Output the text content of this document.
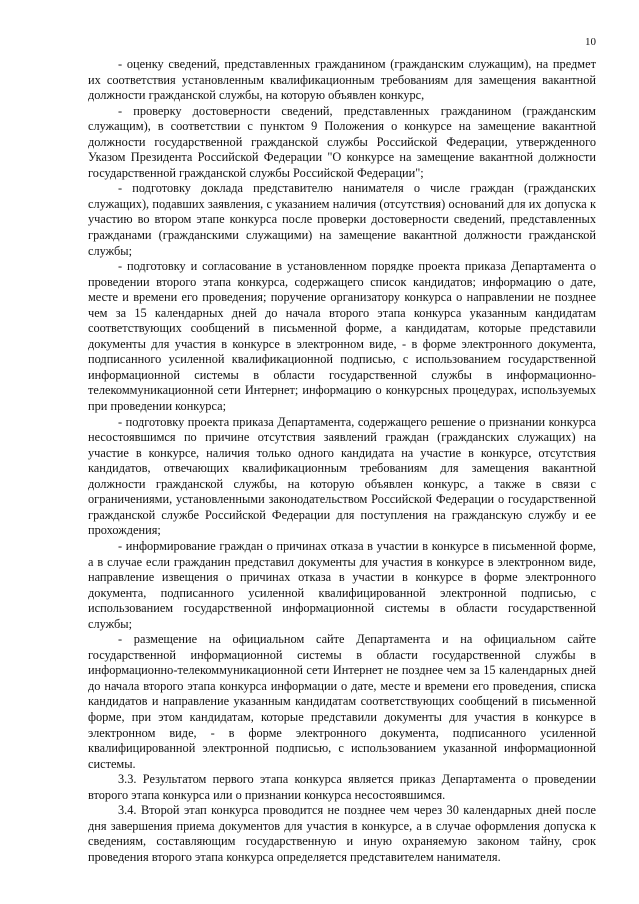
10

- оценку сведений, представленных гражданином (гражданским служащим), на предмет их соответствия установленным квалификационным требованиям для замещения вакантной должности гражданской службы, на которую объявлен конкурс,

- проверку достоверности сведений, представленных гражданином (гражданским служащим), в соответствии с пунктом 9 Положения о конкурсе на замещение вакантной должности государственной гражданской службы Российской Федерации, утвержденного Указом Президента Российской Федерации "О конкурсе на замещение вакантной должности государственной гражданской службы Российской Федерации";

- подготовку доклада представителю нанимателя о числе граждан (гражданских служащих), подавших заявления, с указанием наличия (отсутствия) оснований для их допуска к участию во втором этапе конкурса после проверки достоверности сведений, представленных гражданами (гражданскими служащими) на замещение вакантной должности гражданской службы;

- подготовку и согласование в установленном порядке проекта приказа Департамента о проведении второго этапа конкурса, содержащего список кандидатов; информацию о дате, месте и времени его проведения; поручение организатору конкурса о направлении не позднее чем за 15 календарных дней до начала второго этапа конкурса указанным кандидатам соответствующих сообщений в письменной форме, а кандидатам, которые представили документы для участия в конкурсе в электронном виде, - в форме электронного документа, подписанного усиленной квалификационной подписью, с использованием государственной информационной системы в области государственной службы в информационно-телекоммуникационной сети Интернет; информацию о конкурсных процедурах, используемых при проведении конкурса;

- подготовку проекта приказа Департамента, содержащего решение о признании конкурса несостоявшимся по причине отсутствия заявлений граждан (гражданских служащих) на участие в конкурсе, наличия только одного кандидата на участие в конкурсе, отсутствия кандидатов, отвечающих квалификационным требованиям для замещения вакантной должности гражданской службы, на которую объявлен конкурс, а также в связи с ограничениями, установленными законодательством Российской Федерации о государственной гражданской службе Российской Федерации для поступления на гражданскую службу и ее прохождения;

- информирование граждан о причинах отказа в участии в конкурсе в письменной форме, а в случае если гражданин представил документы для участия в конкурсе в электронном виде, направление извещения о причинах отказа в участии в конкурсе в форме электронного документа, подписанного усиленной квалифицированной электронной подписью, с использованием государственной информационной системы в области государственной службы;

- размещение на официальном сайте Департамента и на официальном сайте государственной информационной системы в области государственной службы в информационно-телекоммуникационной сети Интернет не позднее чем за 15 календарных дней до начала второго этапа конкурса информации о дате, месте и времени его проведения, списка кандидатов и направление указанным кандидатам соответствующих сообщений в письменной форме, при этом кандидатам, которые представили документы для участия в конкурсе в электронном виде, - в форме электронного документа, подписанного усиленной квалифицированной электронной подписью, с использованием указанной информационной системы.

3.3. Результатом первого этапа конкурса является приказ Департамента о проведении второго этапа конкурса или о признании конкурса несостоявшимся.

3.4. Второй этап конкурса проводится не позднее чем через 30 календарных дней после дня завершения приема документов для участия в конкурсе, а в случае оформления допуска к сведениям, составляющим государственную и иную охраняемую законом тайну, срок проведения второго этапа конкурса определяется представителем нанимателя.
